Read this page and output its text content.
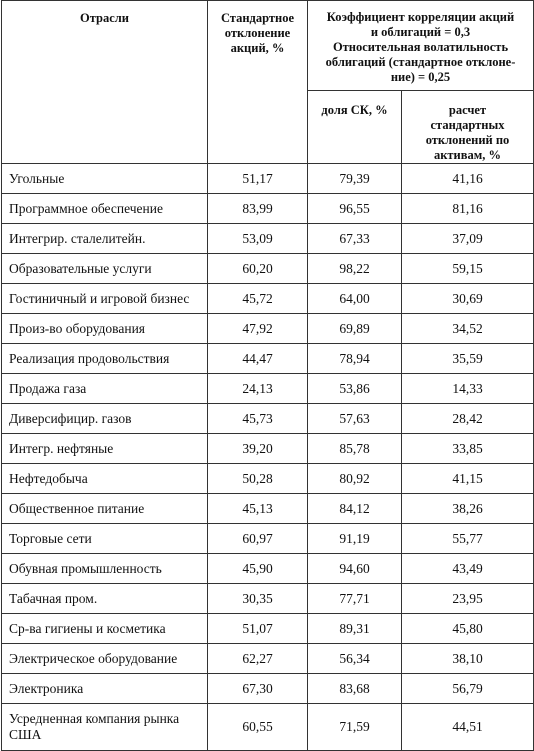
Отрасли	Стандартное отклонение акций, %	Коэффициент корреляции акций
и облигаций = 0,3
Относительная волатильность
облигаций (стандартное отклоне-
ние) = 0,25	

		доля СК, %	расчет стандартных отклонений по активам, %

Угольные	51,17	79,39	41,16
Программное обеспечение	83,99	96,55	81,16
Интегрир. сталелитейн.	53,09	67,33	37,09
Образовательные услуги	60,20	98,22	59,15
Гостиничный и игровой бизнес	45,72	64,00	30,69
Произ-во оборудования	47,92	69,89	34,52
Реализация продовольствия	44,47	78,94	35,59
Продажа газа	24,13	53,86	14,33
Диверсифицир. газов	45,73	57,63	28,42
Интегр. нефтяные	39,20	85,78	33,85
Нефтедобыча	50,28	80,92	41,15
Общественное питание	45,13	84,12	38,26
Торговые сети	60,97	91,19	55,77
Обувная промышленность	45,90	94,60	43,49
Табачная пром.	30,35	77,71	23,95
Ср-ва гигиены и косметика	51,07	89,31	45,80
Электрическое оборудование	62,27	56,34	38,10
Электроника	67,30	83,68	56,79
Усредненная компания рынка США	60,55	71,59	44,51
